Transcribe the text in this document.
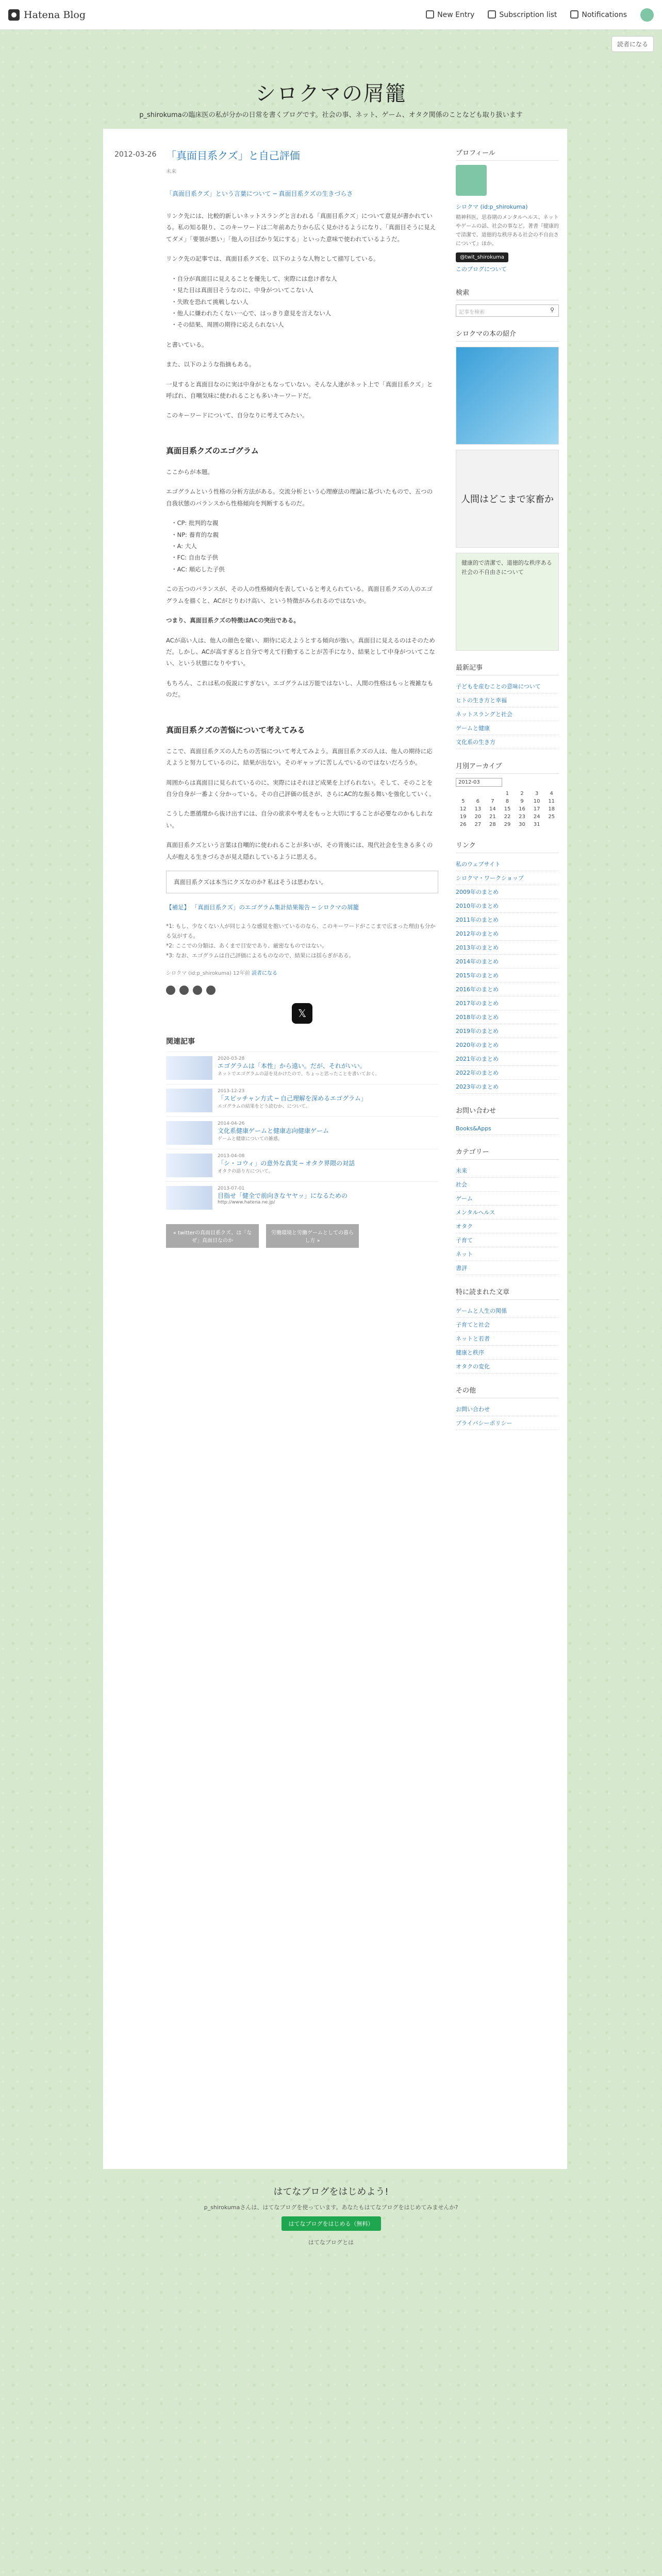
Hatena Blog	New Entry	Subscription list	Notifications
読者になる
シロクマの屑籠
p_shirokumaの臨床医の私が分かの日常を書くブログです。社会の事、ネット、ゲーム、オタク関係のことなども取り扱います
2012-03-26 「真面目系クズ」と自己評価
未来
「真面目系クズ」という言葉について ─ 真面目系クズの生きづらさ

リンク先には、比較的新しいネットスラングと言われる「真面目系クズ」について意見が書かれている。私の知る限り、このキーワードは二年前あたりから広く見かけるようになり、「真面目そうに見えてダメ」「要領が悪い」「他人の目ばかり気にする」といった意味で使われているようだ。

リンク先の記事では、真面目系クズを、以下のような人物として描写している。

・ 自分が真面目に見えることを優先して、実際には怠け者な人
・ 見た目は真面目そうなのに、中身がついてこない人
・ 失敗を恐れて挑戦しない人
・ 他人に嫌われたくない一心で、はっきり意見を言えない人
・ その結果、周囲の期待に応えられない人

と書いている。

また、以下のような指摘もある。

一見すると真面目なのに実は中身がともなっていない。そんな人達がネット上で「真面目系クズ」と呼ばれ、自嘲気味に使われることも多いキーワードだ。

このキーワードについて、自分なりに考えてみたい。

真面目系クズのエゴグラム

ここからが本題。

エゴグラムという性格の分析方法がある。交流分析という心理療法の理論に基づいたもので、五つの自我状態のバランスから性格傾向を判断するものだ。

・ CP: 批判的な親
・ NP: 養育的な親
・ A: 大人
・ FC: 自由な子供
・ AC: 順応した子供

この五つのバランスが、その人の性格傾向を表していると考えられている。真面目系クズの人のエゴグラムを描くと、ACがとりわけ高い、という特徴がみられるのではないか。

つまり、真面目系クズの特徴はACの突出である。

ACが高い人は、他人の顔色を窺い、期待に応えようとする傾向が強い。真面目に見えるのはそのためだ。しかし、ACが高すぎると自分で考えて行動することが苦手になり、結果として中身がついてこない、という状態になりやすい。

もちろん、これは私の仮説にすぎない。エゴグラムは万能ではないし、人間の性格はもっと複雑なものだ。

真面目系クズの苦悩について考えてみる

ここで、真面目系クズの人たちの苦悩について考えてみよう。真面目系クズの人は、他人の期待に応えようと努力しているのに、結果が出ない。そのギャップに苦しんでいるのではないだろうか。

周囲からは真面目に見られているのに、実際にはそれほど成果を上げられない。そして、そのことを自分自身が一番よく分かっている。その自己評価の低さが、さらにAC的な振る舞いを強化していく。

こうした悪循環から抜け出すには、自分の欲求や考えをもっと大切にすることが必要なのかもしれない。

真面目系クズという言葉は自嘲的に使われることが多いが、その背後には、現代社会を生きる多くの人が抱える生きづらさが見え隠れしているように思える。

真面目系クズは本当にクズなのか? 私はそうは思わない。

【補足】 「真面目系クズ」のエゴグラム集計結果報告 ─ シロクマの屑籠

*1: もし、少なくない人が同じような感覚を抱いているのなら、このキーワードがここまで広まった理由も分かる気がする。
*2: ここでの分類は、あくまで目安であり、厳密なものではない。
*3: なお、エゴグラムは自己評価によるものなので、結果には揺らぎがある。
シロクマ (id:p_shirokuma) 12年前 読者になる
𝕏
関連記事
2020-03-28
エゴグラムは「本性」から遠い。だが、それがいい。
ネットでエゴグラムの話を見かけたので、ちょっと思ったことを書いておく。
2013-12-23
「スピッチャン方式 ─ 自己理解を深めるエゴグラム」
エゴグラムの結果をどう読むか、について。
2014-04-26
文化系健康ゲームと健康志向健康ゲーム
ゲームと健康についての雑感。
2013-04-08
「シ・コウィ」の意外な真実 ─ オタク界隈の対話
オタクの語り方について。
2013-07-01
目指せ「健全で前向きなヤヤッ」になるための
http://www.hatena.ne.jp/
« twitterの真面目系クズ、は「なぜ」真面目なのか
労働環境と労働ゲームとしての暮らし方 »
プロフィール
シロクマ (id:p_shirokuma)
精神科医。思春期のメンタルヘルス、ネットやゲームの話、社会の事など。著書『健康的で清潔で、道徳的な秩序ある社会の不自由さについて』ほか。
@twit_shirokuma
このブログについて
検索
記事を検索	⚲
シロクマの本の紹介
人間はどこまで家畜か
健康的で清潔で、道徳的な秩序ある社会の不自由さについて
最新記事
子どもを産むことの意味について
ヒトの生き方と幸福
ネットスラングと社会
ゲームと健康
文化系の生き方
月別アーカイブ
2012-03
			1	2	3	4
5	6	7	8	9	10	11
12	13	14	15	16	17	18
19	20	21	22	23	24	25
26	27	28	29	30	31	
リンク
私のウェブサイト
シロクマ・ワークショップ
2009年のまとめ
2010年のまとめ
2011年のまとめ
2012年のまとめ
2013年のまとめ
2014年のまとめ
2015年のまとめ
2016年のまとめ
2017年のまとめ
2018年のまとめ
2019年のまとめ
2020年のまとめ
2021年のまとめ
2022年のまとめ
2023年のまとめ
お問い合わせ
Books&Apps
カテゴリー
未来
社会
ゲーム
メンタルヘルス
オタク
子育て
ネット
書評
特に読まれた文章
ゲームと人生の関係
子育てと社会
ネットと若者
健康と秩序
オタクの変化
その他
お問い合わせ
プライバシーポリシー
はてなブログをはじめよう!
p_shirokumaさんは、はてなブログを使っています。あなたもはてなブログをはじめてみませんか?
はてなブログをはじめる（無料）
はてなブログとは
